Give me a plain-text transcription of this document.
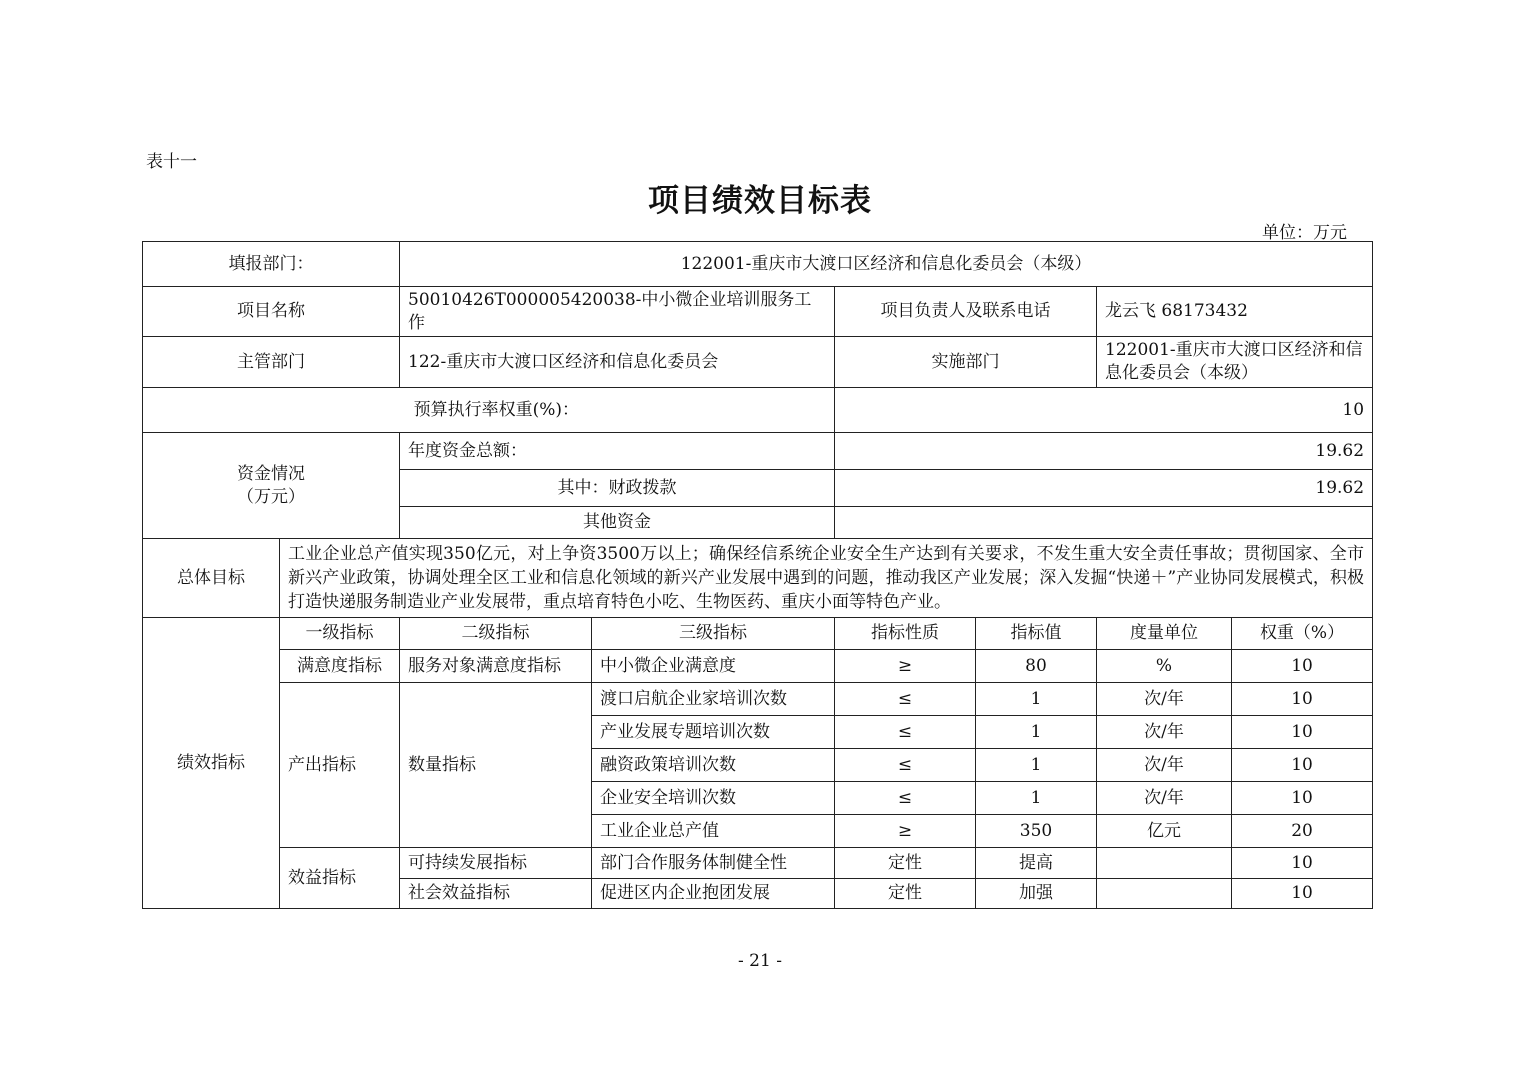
表十一
项目绩效目标表
单位：万元
填报部门：		122001-重庆市大渡口区经济和信息化委员会（本级）					
项目名称		50010426T000005420038-中小微企业培训服务工作		项目负责人及联系电话		龙云飞 68173432	
主管部门		122-重庆市大渡口区经济和信息化委员会		实施部门		122001-重庆市大渡口区经济和信息化委员会（本级）	
预算执行率权重(%)：				10			

资金情况
（万元）		年度资金总额：		19.62			
		其中：财政拨款		19.62			
		其他资金					
总体目标	工业企业总产值实现350亿元，对上争资3500万以上；确保经信系统企业安全生产达到有关要求，不发生重大安全责任事故；贯彻国家、全市新兴产业政策，协调处理全区工业和信息化领域的新兴产业发展中遇到的问题，推动我区产业发展；深入发掘“快递＋”产业协同发展模式，积极打造快递服务制造业产业发展带，重点培育特色小吃、生物医药、重庆小面等特色产业。						
绩效指标	一级指标	二级指标	三级指标	指标性质	指标值	度量单位	权重（%）
	满意度指标	服务对象满意度指标	中小微企业满意度	≥	80	%	10
	产出指标	数量指标	渡口启航企业家培训次数	≤	1	次/年	10
			产业发展专题培训次数	≤	1	次/年	10
			融资政策培训次数	≤	1	次/年	10
			企业安全培训次数	≤	1	次/年	10
			工业企业总产值	≥	350	亿元	20
	效益指标	可持续发展指标	部门合作服务体制健全性	定性	提高		10
		社会效益指标	促进区内企业抱团发展	定性	加强		10
- 21 -
